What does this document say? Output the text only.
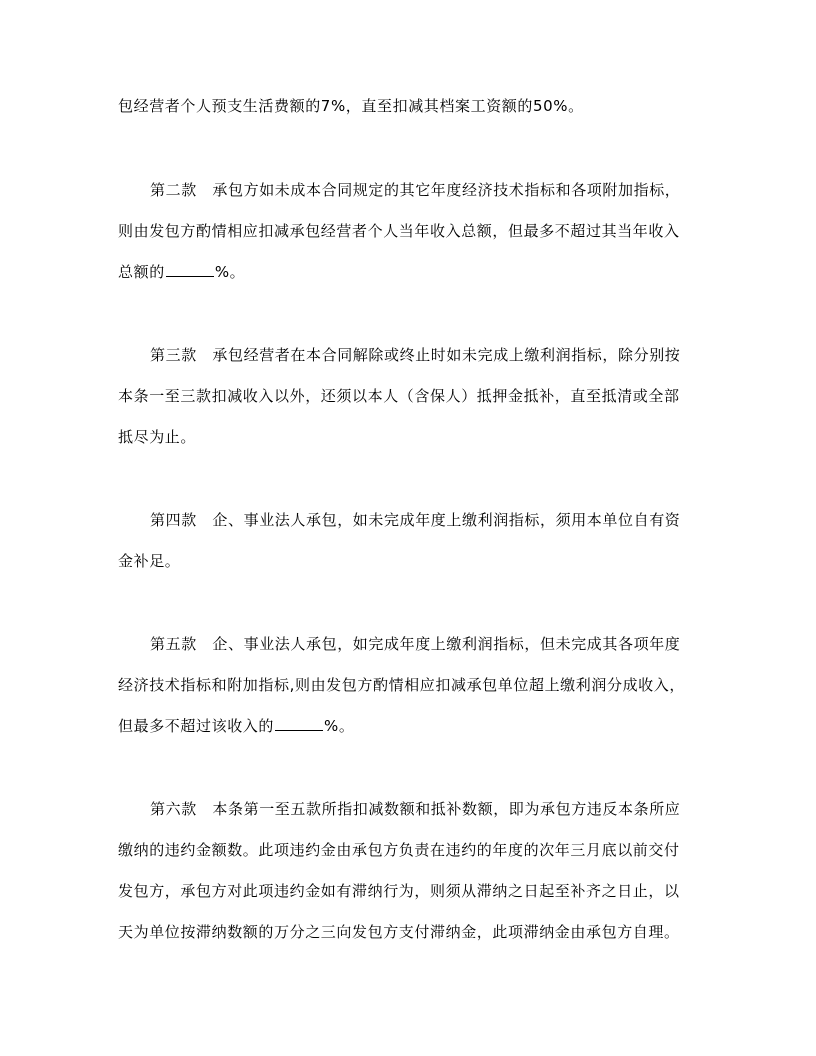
包经营者个人预支生活费额的7%，直至扣减其档案工资额的50%。
第二款　承包方如未成本合同规定的其它年度经济技术指标和各项附加指标，
则由发包方酌情相应扣减承包经营者个人当年收入总额，但最多不超过其当年收入
总额的	%。
第三款　承包经营者在本合同解除或终止时如未完成上缴利润指标，除分别按
本条一至三款扣减收入以外，还须以本人（含保人）抵押金抵补，直至抵清或全部
抵尽为止。
第四款　企、事业法人承包，如未完成年度上缴利润指标，须用本单位自有资
金补足。
第五款　企、事业法人承包，如完成年度上缴利润指标，但未完成其各项年度
经济技术指标和附加指标,则由发包方酌情相应扣减承包单位超上缴利润分成收入，
但最多不超过该收入的	%。
第六款　本条第一至五款所指扣减数额和抵补数额，即为承包方违反本条所应
缴纳的违约金额数。此项违约金由承包方负责在违约的年度的次年三月底以前交付
发包方，承包方对此项违约金如有滞纳行为，则须从滞纳之日起至补齐之日止，以
天为单位按滞纳数额的万分之三向发包方支付滞纳金，此项滞纳金由承包方自理。
